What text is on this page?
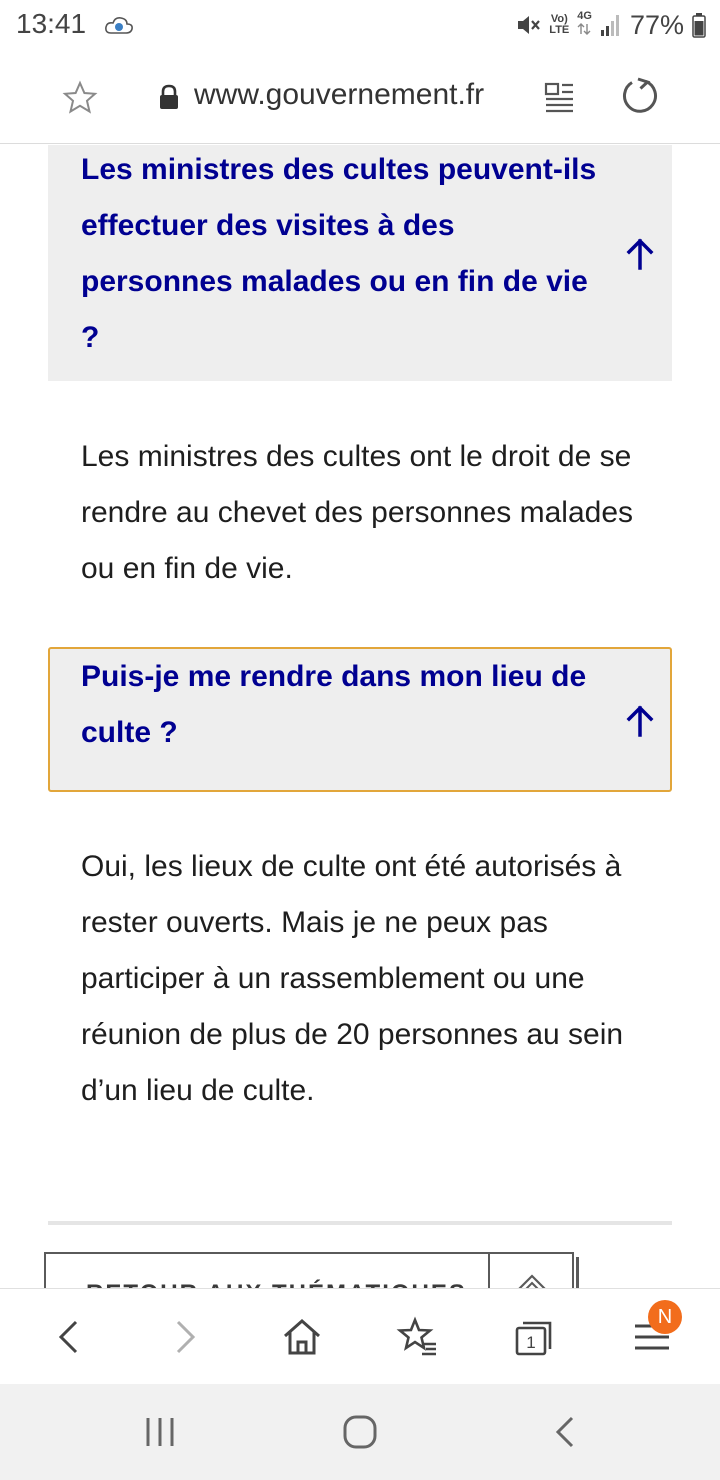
13:41	Vo)
LTE
4G 77%
www.gouvernement.fr
Les ministres des cultes peuvent-ils effectuer des visites à des personnes malades ou en fin de vie ?
Les ministres des cultes ont le droit de se rendre au chevet des personnes malades ou en fin de vie.
Puis-je me rendre dans mon lieu de culte ?
Oui, les lieux de culte ont été autorisés à rester ouverts. Mais je ne peux pas participer à un rassemblement ou une réunion de plus de 20 personnes au sein d’un lieu de culte.
1
N
